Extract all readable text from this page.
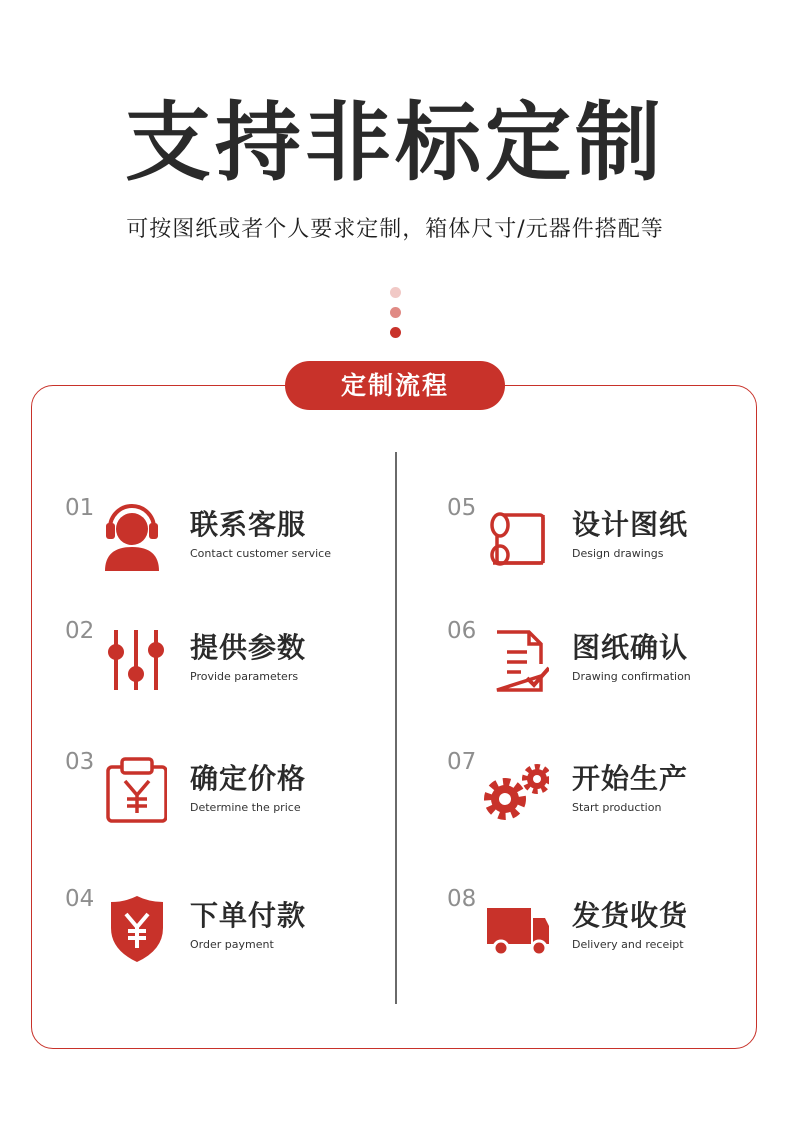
支持非标定制
可按图纸或者个人要求定制，箱体尺寸/元器件搭配等
定制流程
01	联系客服
Contact customer service
02	提供参数
Provide parameters
03	确定价格
Determine the price
04	下单付款
Order payment
05	设计图纸
Design drawings
06	图纸确认
Drawing confirmation
07	开始生产
Start production
08	发货收货
Delivery and receipt
